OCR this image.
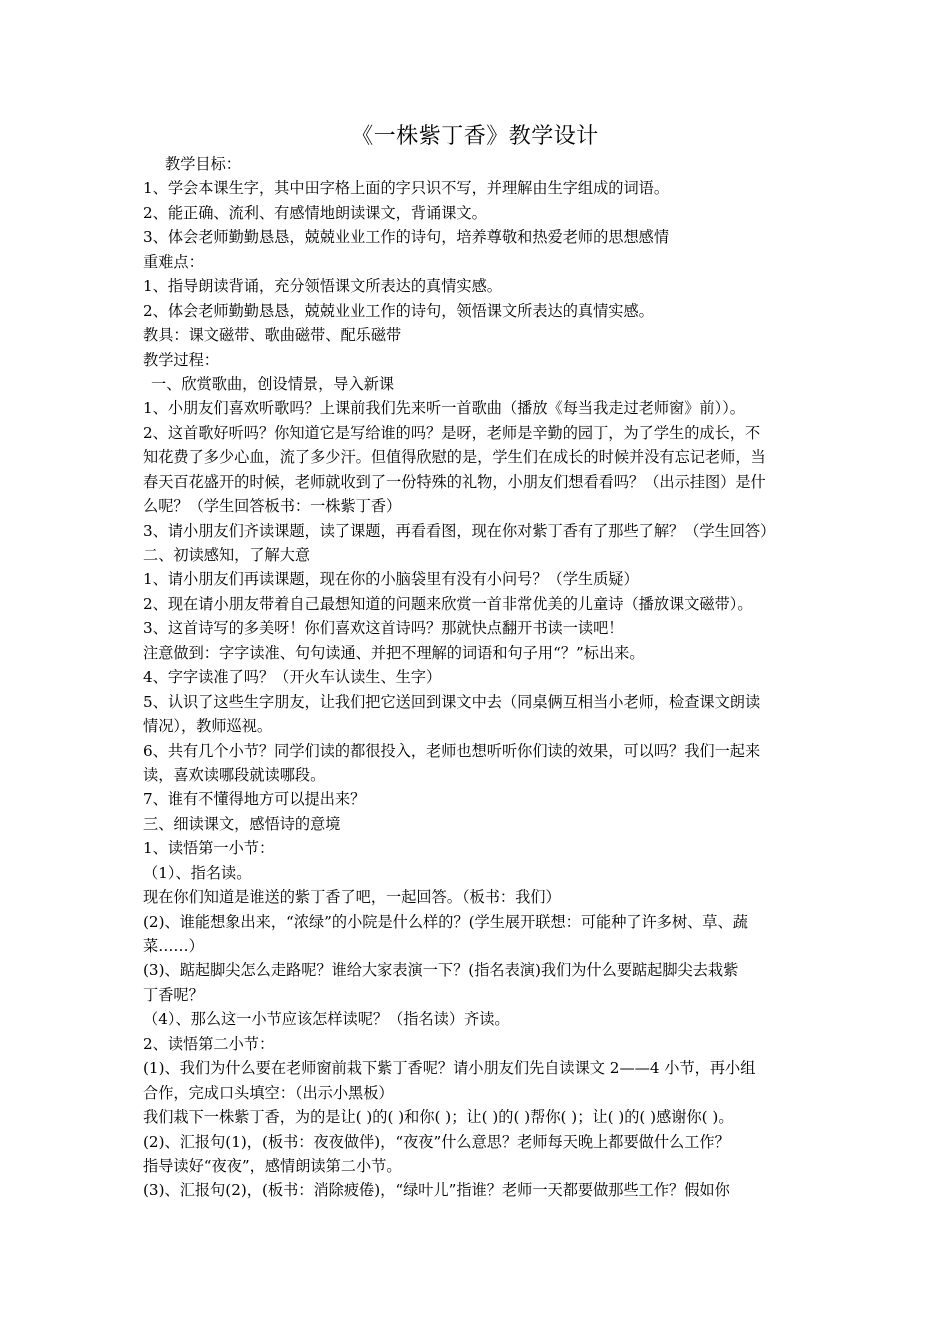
《一株紫丁香》教学设计
教学目标：
1、学会本课生字，其中田字格上面的字只识不写，并理解由生字组成的词语。
2、能正确、流利、有感情地朗读课文，背诵课文。
3、体会老师勤勤恳恳，兢兢业业工作的诗句，培养尊敬和热爱老师的思想感情
重难点：
1、指导朗读背诵，充分领悟课文所表达的真情实感。
2、体会老师勤勤恳恳，兢兢业业工作的诗句，领悟课文所表达的真情实感。
教具：课文磁带、歌曲磁带、配乐磁带
教学过程：
一、欣赏歌曲，创设情景，导入新课
1、小朋友们喜欢听歌吗？上课前我们先来听一首歌曲（播放《每当我走过老师窗》前））。
2、这首歌好听吗？你知道它是写给谁的吗？是呀，老师是辛勤的园丁，为了学生的成长，不
知花费了多少心血，流了多少汗。但值得欣慰的是，学生们在成长的时候并没有忘记老师，当
春天百花盛开的时候，老师就收到了一份特殊的礼物，小朋友们想看看吗？（出示挂图）是什
么呢？（学生回答板书：一株紫丁香）
3、请小朋友们齐读课题，读了课题，再看看图，现在你对紫丁香有了那些了解？（学生回答）
二、初读感知，了解大意
1、请小朋友们再读课题，现在你的小脑袋里有没有小问号？（学生质疑）
2、现在请小朋友带着自己最想知道的问题来欣赏一首非常优美的儿童诗（播放课文磁带）。
3、这首诗写的多美呀！你们喜欢这首诗吗？那就快点翻开书读一读吧！
注意做到：字字读准、句句读通、并把不理解的词语和句子用“？”标出来。
4、字字读准了吗？（开火车认读生、生字）
5、认识了这些生字朋友，让我们把它送回到课文中去（同桌俩互相当小老师，检查课文朗读
情况），教师巡视。
6、共有几个小节？同学们读的都很投入，老师也想听听你们读的效果，可以吗？我们一起来
读，喜欢读哪段就读哪段。
7、谁有不懂得地方可以提出来？
三、细读课文，感悟诗的意境
1、读悟第一小节：
（1）、指名读。
现在你们知道是谁送的紫丁香了吧，一起回答。（板书：我们）
(2)、谁能想象出来，“浓绿”的小院是什么样的？(学生展开联想：可能种了许多树、草、蔬
菜……）
(3)、踮起脚尖怎么走路呢？谁给大家表演一下？(指名表演)我们为什么要踮起脚尖去栽紫
丁香呢？
（4）、那么这一小节应该怎样读呢？（指名读）齐读。
2、读悟第二小节：
(1)、我们为什么要在老师窗前栽下紫丁香呢？请小朋友们先自读课文 2——4 小节，再小组
合作，完成口头填空：（出示小黑板）
我们栽下一株紫丁香，为的是让( )的( )和你( )；让( )的( )帮你( )；让( )的( )感谢你( )。
(2)、汇报句(1)，(板书：夜夜做伴)，“夜夜”什么意思？老师每天晚上都要做什么工作？
指导读好“夜夜”，感情朗读第二小节。
(3)、汇报句(2)，(板书：消除疲倦)，“绿叶儿”指谁？老师一天都要做那些工作？假如你
